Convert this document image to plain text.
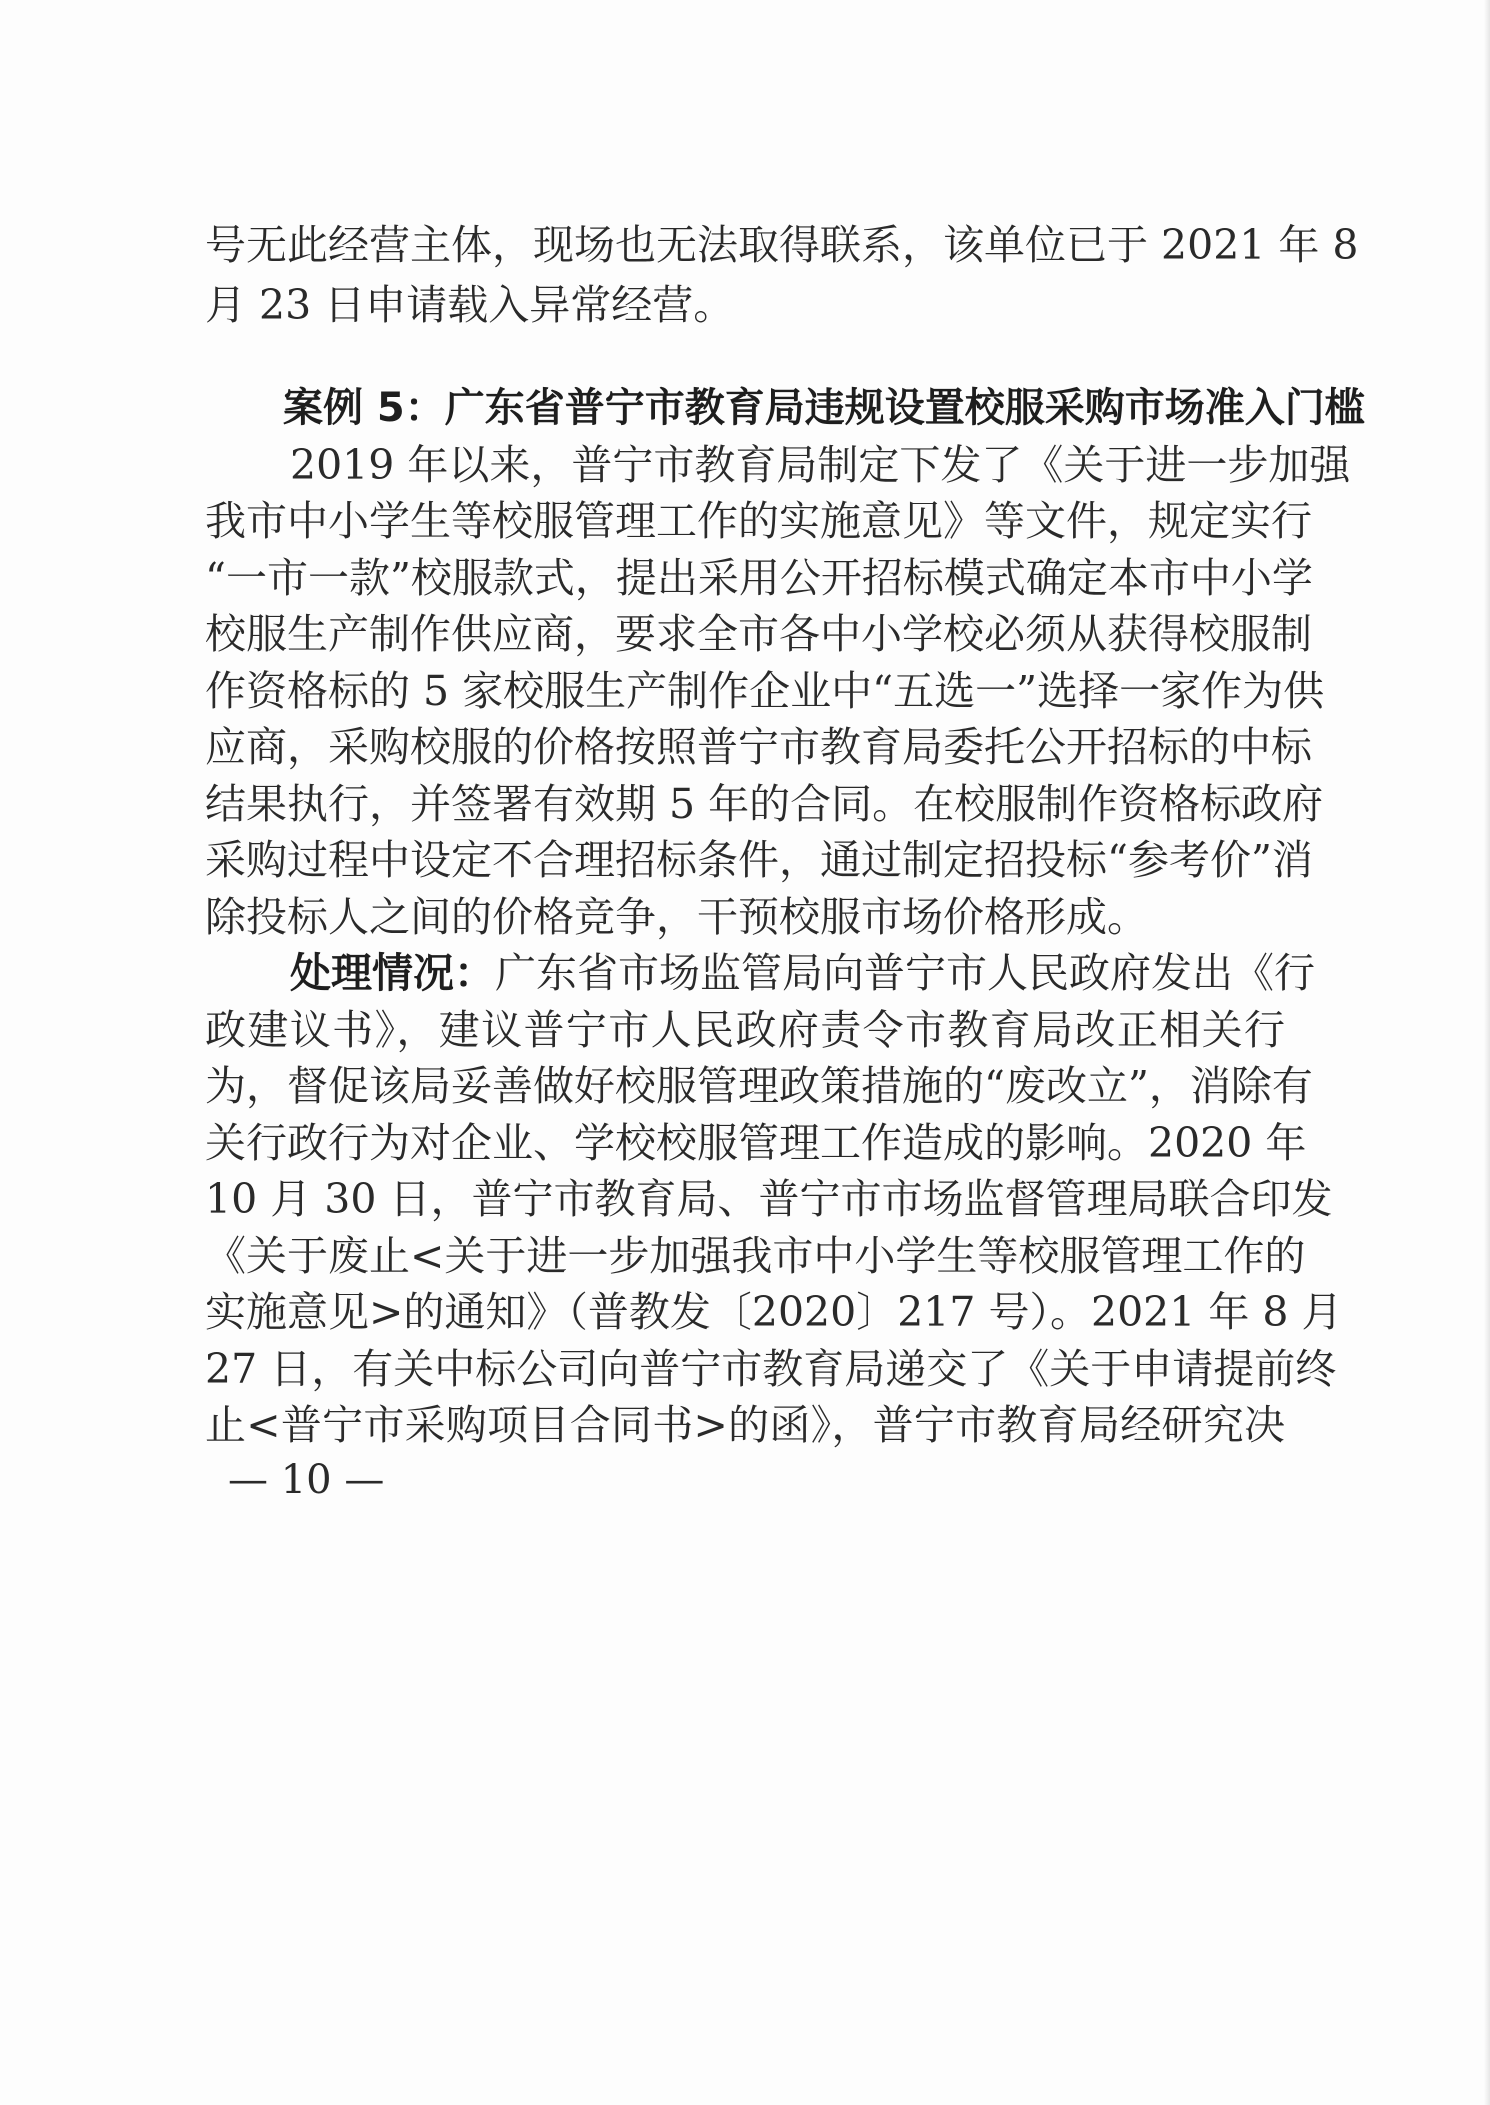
号无此经营主体，现场也无法取得联系，该单位已于 2021 年 8
月 23 日申请载入异常经营。
案例 5：广东省普宁市教育局违规设置校服采购市场准入门槛
2019 年以来，普宁市教育局制定下发了《关于进一步加强
我市中小学生等校服管理工作的实施意见》等文件，规定实行
“一市一款”校服款式，提出采用公开招标模式确定本市中小学
校服生产制作供应商，要求全市各中小学校必须从获得校服制
作资格标的 5 家校服生产制作企业中“五选一”选择一家作为供
应商，采购校服的价格按照普宁市教育局委托公开招标的中标
结果执行，并签署有效期 5 年的合同。在校服制作资格标政府
采购过程中设定不合理招标条件，通过制定招投标“参考价”消
除投标人之间的价格竞争，干预校服市场价格形成。
处理情况：广东省市场监管局向普宁市人民政府发出《行
政建议书》，建议普宁市人民政府责令市教育局改正相关行
为，督促该局妥善做好校服管理政策措施的“废改立”，消除有
关行政行为对企业、学校校服管理工作造成的影响。2020 年
10 月 30 日，普宁市教育局、普宁市市场监督管理局联合印发
《关于废止<关于进一步加强我市中小学生等校服管理工作的
实施意见>的通知》（普教发〔2020〕217 号）。2021 年 8 月
27 日，有关中标公司向普宁市教育局递交了《关于申请提前终
止<普宁市采购项目合同书>的函》，普宁市教育局经研究决
— 10 —
